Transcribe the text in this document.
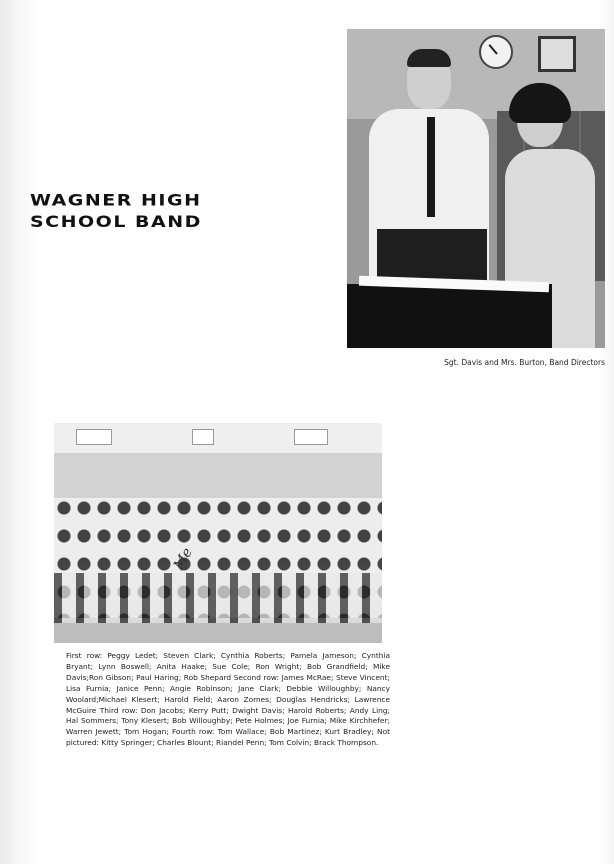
WAGNER HIGH
SCHOOL BAND
Sgt. Davis and Mrs. Burton, Band Directors
Me
First row: Peggy Ledet; Steven Clark; Cynthia Roberts; Pamela Jameson; Cynthia Bryant; Lynn Boswell; Anita Haake; Sue Cole; Ron Wright; Bob Grandfield; Mike Davis;Ron Gibson; Paul Haring; Rob Shepard Second row: James McRae; Steve Vincent; Lisa Furnia; Janice Penn; Angie Robinson; Jane Clark; Debbie Willoughby; Nancy Woolard;Michael Klesert; Harold Field; Aaron Zornes; Douglas Hendricks; Lawrence McGuire Third row: Don Jacobs; Kerry Putt; Dwight Davis; Harold Roberts; Andy Ling; Hal Sommers; Tony Klesert; Bob Willoughby; Pete Holmes; Joe Furnia; Mike Kirchhefer; Warren Jewett; Tom Hogan; Fourth row: Tom Wallace; Bob Martinez; Kurt Bradley; Not pictured: Kitty Springer; Charles Blount; Riandel Penn; Tom Colvin; Brack Thompson.
